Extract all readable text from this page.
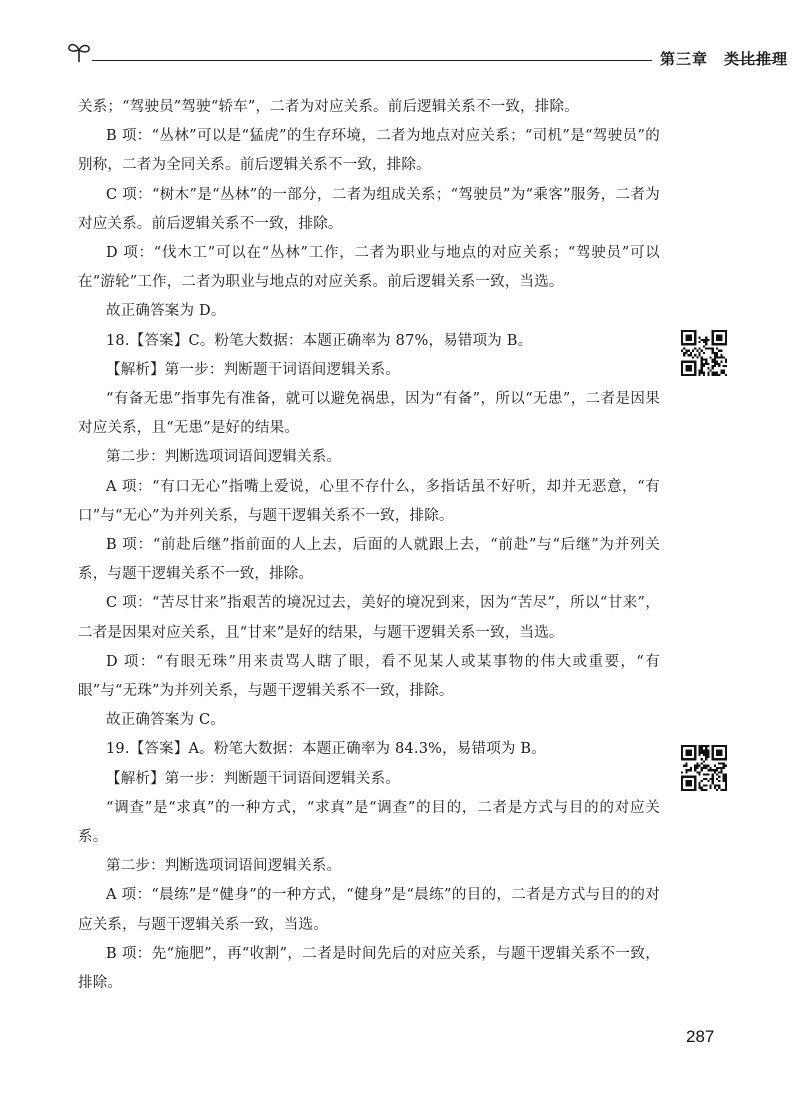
第三章 类比推理

关系；“驾驶员”驾驶“轿车”，二者为对应关系。前后逻辑关系不一致，排除。

B 项：“丛林”可以是“猛虎”的生存环境，二者为地点对应关系；“司机”是“驾驶员”的别称，二者为全同关系。前后逻辑关系不一致，排除。

C 项：“树木”是“丛林”的一部分，二者为组成关系；“驾驶员”为“乘客”服务，二者为对应关系。前后逻辑关系不一致，排除。

D 项：“伐木工”可以在“丛林”工作，二者为职业与地点的对应关系；“驾驶员”可以在“游轮”工作，二者为职业与地点的对应关系。前后逻辑关系一致，当选。

故正确答案为 D。

18.【答案】C。粉笔大数据：本题正确率为 87%，易错项为 B。

【解析】第一步：判断题干词语间逻辑关系。

“有备无患”指事先有准备，就可以避免祸患，因为“有备”，所以“无患”，二者是因果对应关系，且“无患”是好的结果。

第二步：判断选项词语间逻辑关系。

A 项：“有口无心”指嘴上爱说，心里不存什么，多指话虽不好听，却并无恶意，“有口”与“无心”为并列关系，与题干逻辑关系不一致，排除。

B 项：“前赴后继”指前面的人上去，后面的人就跟上去，“前赴”与“后继”为并列关系，与题干逻辑关系不一致，排除。

C 项：“苦尽甘来”指艰苦的境况过去，美好的境况到来，因为“苦尽”，所以“甘来”，二者是因果对应关系，且“甘来”是好的结果，与题干逻辑关系一致，当选。

D 项：“有眼无珠”用来责骂人瞎了眼，看不见某人或某事物的伟大或重要，“有眼”与“无珠”为并列关系，与题干逻辑关系不一致，排除。

故正确答案为 C。

19.【答案】A。粉笔大数据：本题正确率为 84.3%，易错项为 B。

【解析】第一步：判断题干词语间逻辑关系。

“调查”是“求真”的一种方式，“求真”是“调查”的目的，二者是方式与目的的对应关系。

第二步：判断选项词语间逻辑关系。

A 项：“晨练”是“健身”的一种方式，“健身”是“晨练”的目的，二者是方式与目的的对应关系，与题干逻辑关系一致，当选。

B 项：先“施肥”，再“收割”，二者是时间先后的对应关系，与题干逻辑关系不一致，排除。

287
